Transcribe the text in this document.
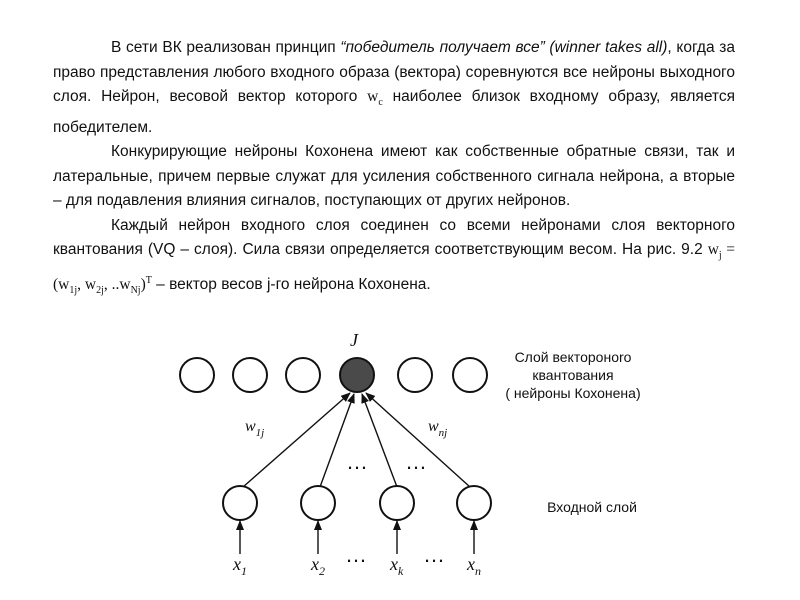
В сети ВК реализован принцип “победитель получает все” (winner takes all), когда за право представления любого входного образа (вектора) соревнуются все нейроны выходного слоя. Нейрон, весовой вектор которого $w_c$ наиболее близок входному образу, является победителем.

Конкурирующие нейроны Кохонена имеют как собственные обратные связи, так и латеральные, причем первые служат для усиления собственного сигнала нейрона, а вторые – для подавления влияния сигналов, поступающих от других нейронов.

Каждый нейрон входного слоя соединен со всеми нейронами слоя векторного квантования (VQ – слоя). Сила связи определяется соответствующим весом. На рис. 9.2 $w_j = (w_{1j}$, $w_{2j}$, $..w_{Nj})^T$ – вектор весов j-го нейрона Кохонена.

J
$w_{1j}$	$w_{nj}$
… …
$x_1$	$x_2$	$x_k$	$x_n$
…	…
Слой вектороноrо
квантования
( нейроны Кохонена)
Входной слой
